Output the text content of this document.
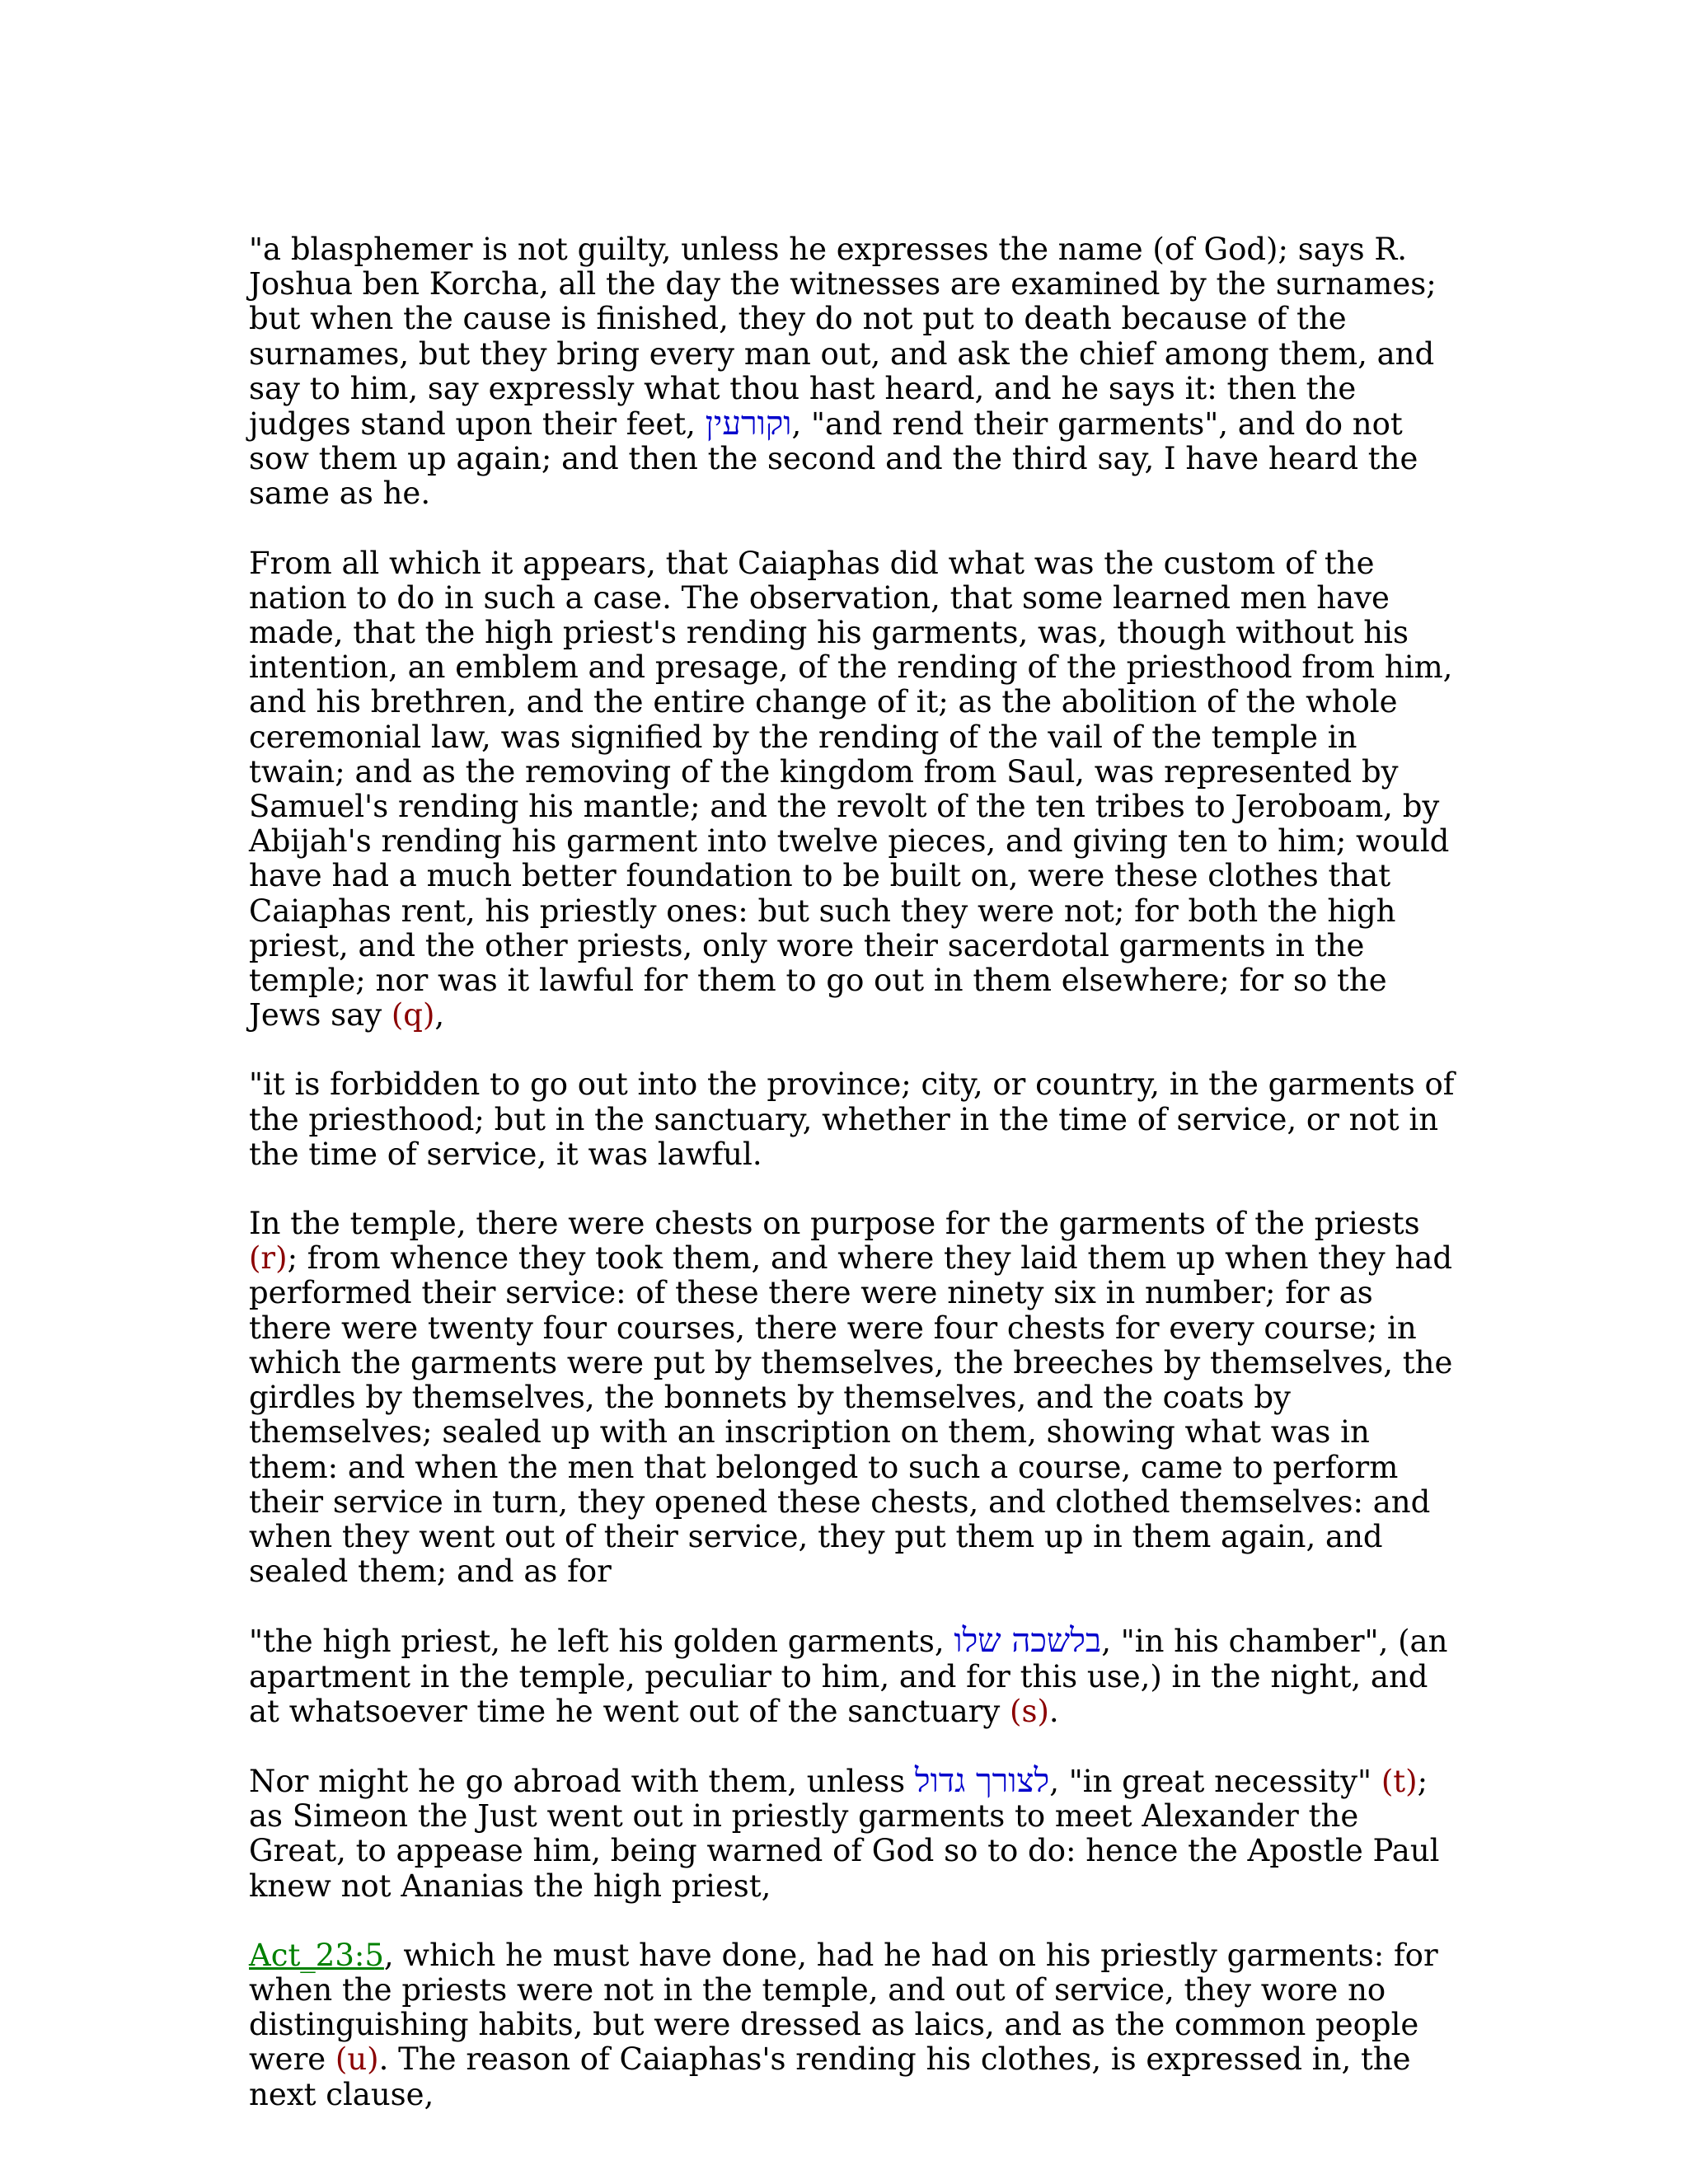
"a blasphemer is not guilty, unless he expresses the name (of God); says R. Joshua ben Korcha, all the day the witnesses are examined by the surnames; but when the cause is finished, they do not put to death because of the surnames, but they bring every man out, and ask the chief among them, and say to him, say expressly what thou hast heard, and he says it: then the judges stand upon their feet, וקורעין, "and rend their garments", and do not sow them up again; and then the second and the third say, I have heard the same as he.

From all which it appears, that Caiaphas did what was the custom of the nation to do in such a case. The observation, that some learned men have made, that the high priest's rending his garments, was, though without his intention, an emblem and presage, of the rending of the priesthood from him, and his brethren, and the entire change of it; as the abolition of the whole ceremonial law, was signified by the rending of the vail of the temple in twain; and as the removing of the kingdom from Saul, was represented by Samuel's rending his mantle; and the revolt of the ten tribes to Jeroboam, by Abijah's rending his garment into twelve pieces, and giving ten to him; would have had a much better foundation to be built on, were these clothes that Caiaphas rent, his priestly ones: but such they were not; for both the high priest, and the other priests, only wore their sacerdotal garments in the temple; nor was it lawful for them to go out in them elsewhere; for so the Jews say (q),

"it is forbidden to go out into the province; city, or country, in the garments of the priesthood; but in the sanctuary, whether in the time of service, or not in the time of service, it was lawful.

In the temple, there were chests on purpose for the garments of the priests (r); from whence they took them, and where they laid them up when they had performed their service: of these there were ninety six in number; for as there were twenty four courses, there were four chests for every course; in which the garments were put by themselves, the breeches by themselves, the girdles by themselves, the bonnets by themselves, and the coats by themselves; sealed up with an inscription on them, showing what was in them: and when the men that belonged to such a course, came to perform their service in turn, they opened these chests, and clothed themselves: and when they went out of their service, they put them up in them again, and sealed them; and as for

"the high priest, he left his golden garments, בלשכה שלו, "in his chamber", (an apartment in the temple, peculiar to him, and for this use,) in the night, and at whatsoever time he went out of the sanctuary (s).

Nor might he go abroad with them, unless לצורך גדול, "in great necessity" (t); as Simeon the Just went out in priestly garments to meet Alexander the Great, to appease him, being warned of God so to do: hence the Apostle Paul knew not Ananias the high priest,

Act_23:5, which he must have done, had he had on his priestly garments: for when the priests were not in the temple, and out of service, they wore no distinguishing habits, but were dressed as laics, and as the common people were (u). The reason of Caiaphas's rending his clothes, is expressed in, the next clause,
